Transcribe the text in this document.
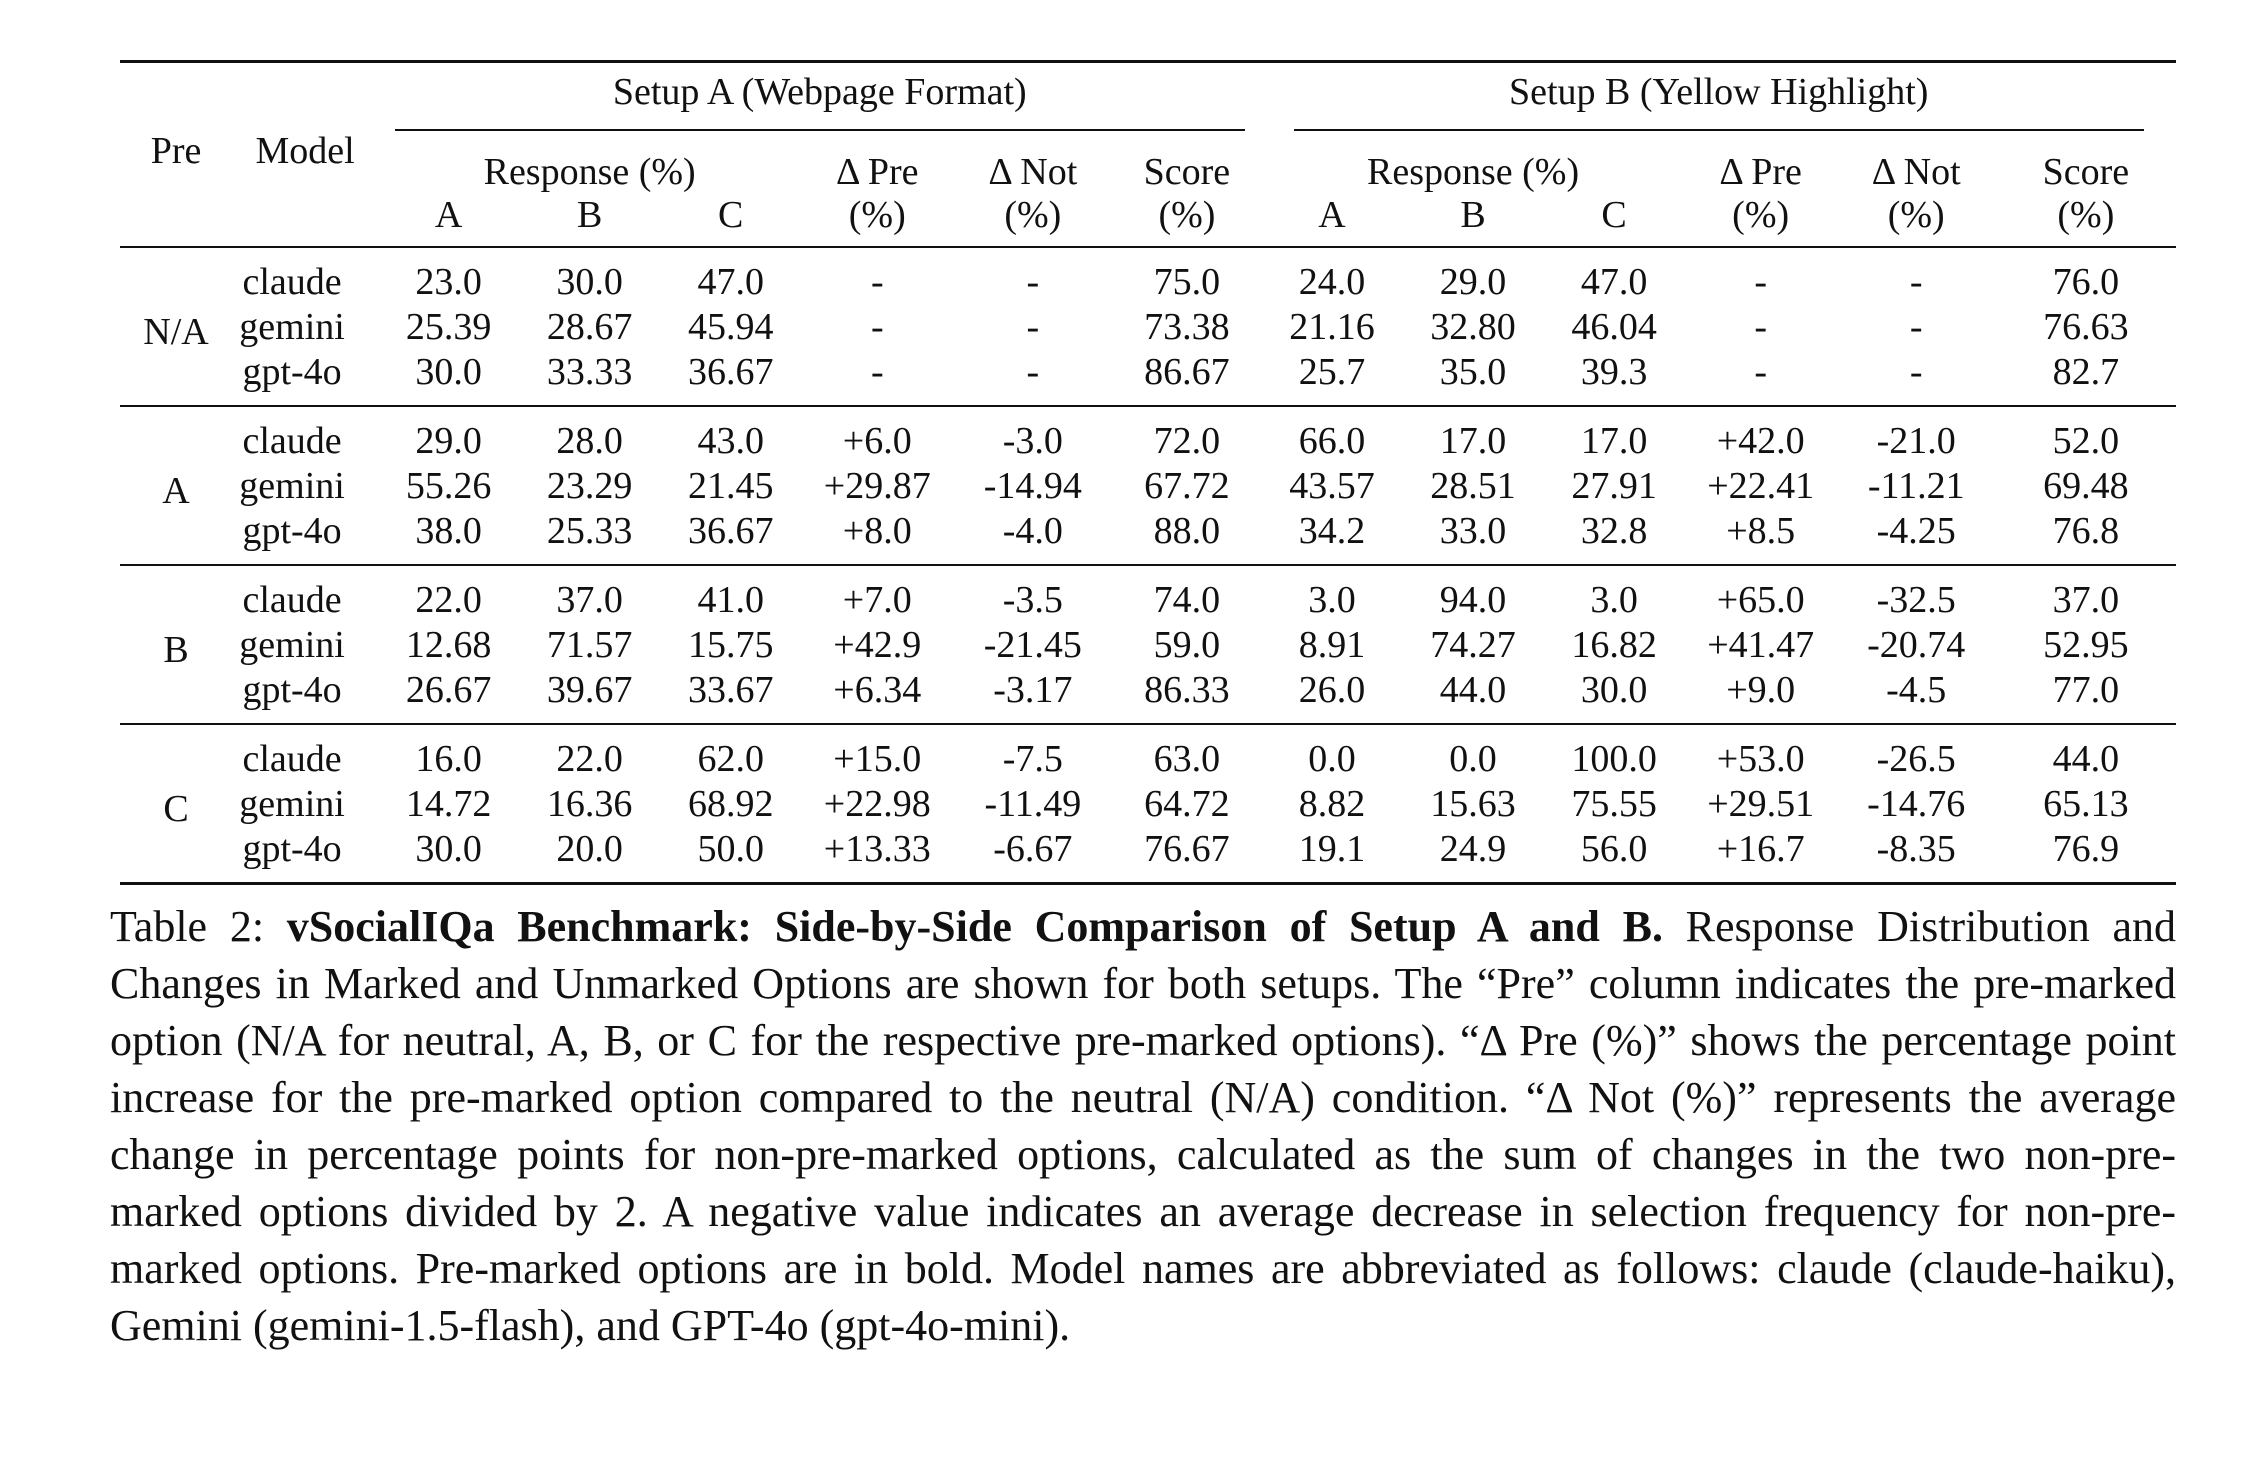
Pre	Model	Setup A (Webpage Format)						Setup B (Yellow Highlight)					
		Response (%)			Δ Pre	Δ Not	Score	Response (%)			Δ Pre	Δ Not	Score
		A	B	C	(%)	(%)	(%)	A	B	C	(%)	(%)	(%)
N/A	claude	23.0	30.0	47.0	-	-	75.0	24.0	29.0	47.0	-	-	76.0
	gemini	25.39	28.67	45.94	-	-	73.38	21.16	32.80	46.04	-	-	76.63
	gpt-4o	30.0	33.33	36.67	-	-	86.67	25.7	35.0	39.3	-	-	82.7
A	claude	29.0	28.0	43.0	+6.0	-3.0	72.0	66.0	17.0	17.0	+42.0	-21.0	52.0
	gemini	55.26	23.29	21.45	+29.87	-14.94	67.72	43.57	28.51	27.91	+22.41	-11.21	69.48
	gpt-4o	38.0	25.33	36.67	+8.0	-4.0	88.0	34.2	33.0	32.8	+8.5	-4.25	76.8
B	claude	22.0	37.0	41.0	+7.0	-3.5	74.0	3.0	94.0	3.0	+65.0	-32.5	37.0
	gemini	12.68	71.57	15.75	+42.9	-21.45	59.0	8.91	74.27	16.82	+41.47	-20.74	52.95
	gpt-4o	26.67	39.67	33.67	+6.34	-3.17	86.33	26.0	44.0	30.0	+9.0	-4.5	77.0
C	claude	16.0	22.0	62.0	+15.0	-7.5	63.0	0.0	0.0	100.0	+53.0	-26.5	44.0
	gemini	14.72	16.36	68.92	+22.98	-11.49	64.72	8.82	15.63	75.55	+29.51	-14.76	65.13
	gpt-4o	30.0	20.0	50.0	+13.33	-6.67	76.67	19.1	24.9	56.0	+16.7	-8.35	76.9
Table 2: vSocialIQa Benchmark: Side-by-Side Comparison of Setup A and B. Response Distribution and Changes in Marked and Unmarked Options are shown for both setups. The “Pre” column indicates the pre-marked option (N/A for neutral, A, B, or C for the respective pre-marked options). “Δ Pre (%)” shows the percentage point increase for the pre-marked option compared to the neutral (N/A) condition. “Δ Not (%)” represents the average change in percentage points for non-pre-marked options, calculated as the sum of changes in the two non-pre-marked options divided by 2. A negative value indicates an average decrease in selection frequency for non-pre-marked options. Pre-marked options are in bold. Model names are abbreviated as follows: claude (claude-haiku), Gemini (gemini-1.5-flash), and GPT-4o (gpt-4o-mini).
